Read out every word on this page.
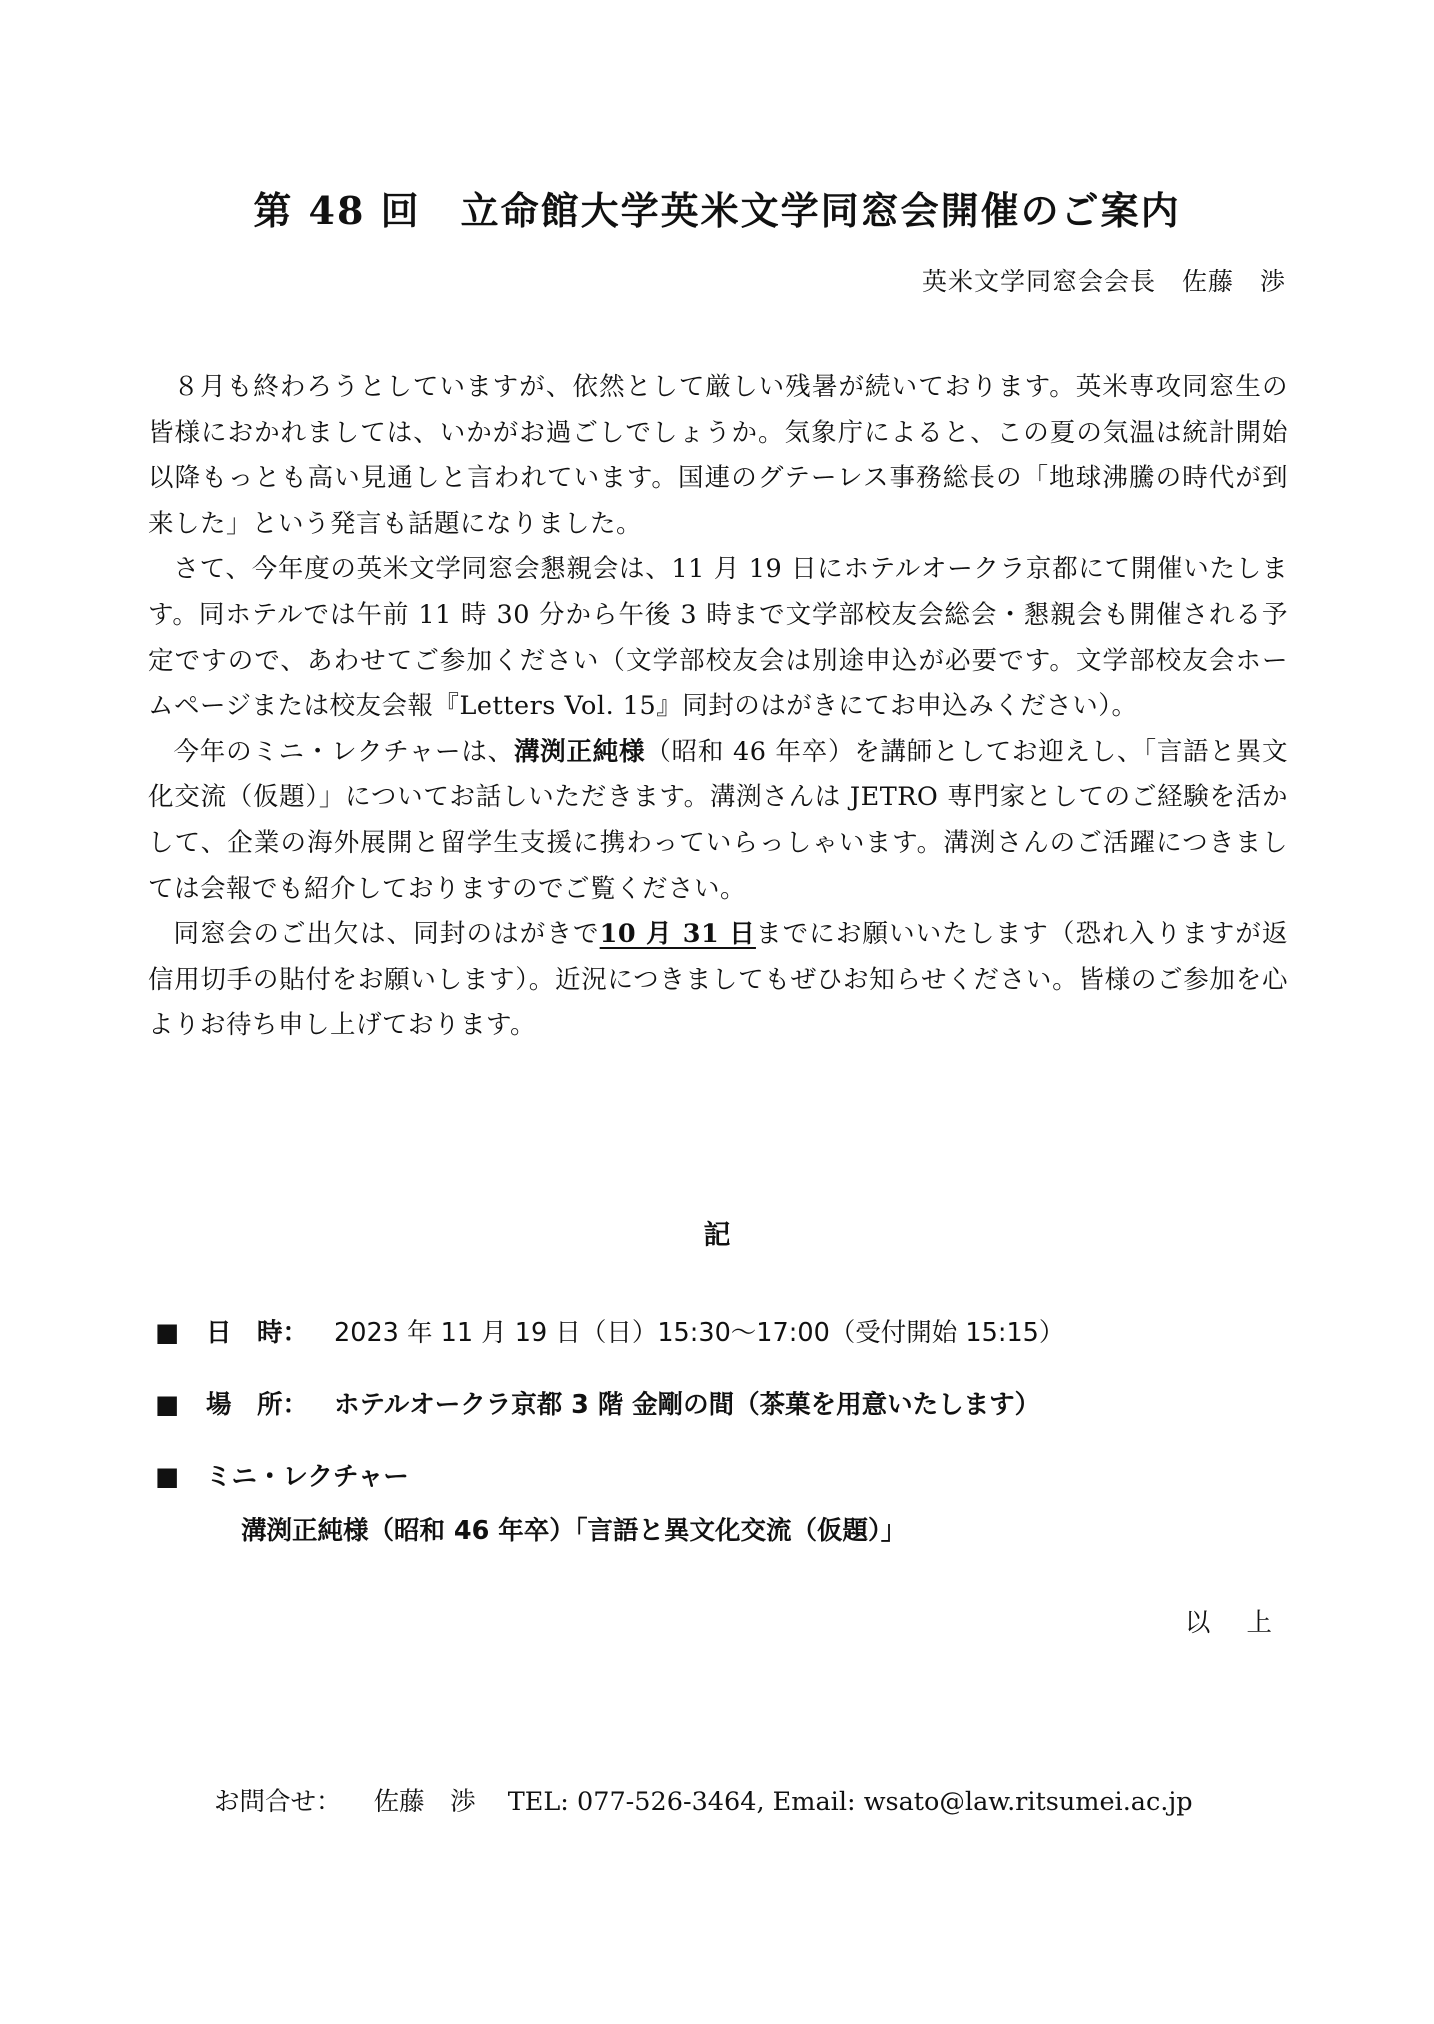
第 48 回　立命館大学英米文学同窓会開催のご案内
英米文学同窓会会長　佐藤　渉

８月も終わろうとしていますが、依然として厳しい残暑が続いております。英米専攻同窓生の皆様におかれましては、いかがお過ごしでしょうか。気象庁によると、この夏の気温は統計開始以降もっとも高い見通しと言われています。国連のグテーレス事務総長の「地球沸騰の時代が到来した」という発言も話題になりました。

さて、今年度の英米文学同窓会懇親会は、11 月 19 日にホテルオークラ京都にて開催いたします。同ホテルでは午前 11 時 30 分から午後 3 時まで文学部校友会総会・懇親会も開催される予定ですので、あわせてご参加ください（文学部校友会は別途申込が必要です。文学部校友会ホームページまたは校友会報『Letters Vol. 15』同封のはがきにてお申込みください）。

今年のミニ・レクチャーは、溝渕正純様（昭和 46 年卒）を講師としてお迎えし、「言語と異文化交流（仮題）」についてお話しいただきます。溝渕さんは JETRO 専門家としてのご経験を活かして、企業の海外展開と留学生支援に携わっていらっしゃいます。溝渕さんのご活躍につきましては会報でも紹介しておりますのでご覧ください。

同窓会のご出欠は、同封のはがきで10 月 31 日までにお願いいたします（恐れ入りますが返信用切手の貼付をお願いします）。近況につきましてもぜひお知らせください。皆様のご参加を心よりお待ち申し上げております。

記
■ 日　時： 2023 年 11 月 19 日（日）15:30〜17:00（受付開始 15:15）
■ 場　所： ホテルオークラ京都 3 階 金剛の間（茶菓を用意いたします）
■ ミニ・レクチャー
溝渕正純様（昭和 46 年卒）「言語と異文化交流（仮題）」
以 上
お問合せ： 佐藤　渉 TEL: 077-526-3464, Email: wsato@law.ritsumei.ac.jp
